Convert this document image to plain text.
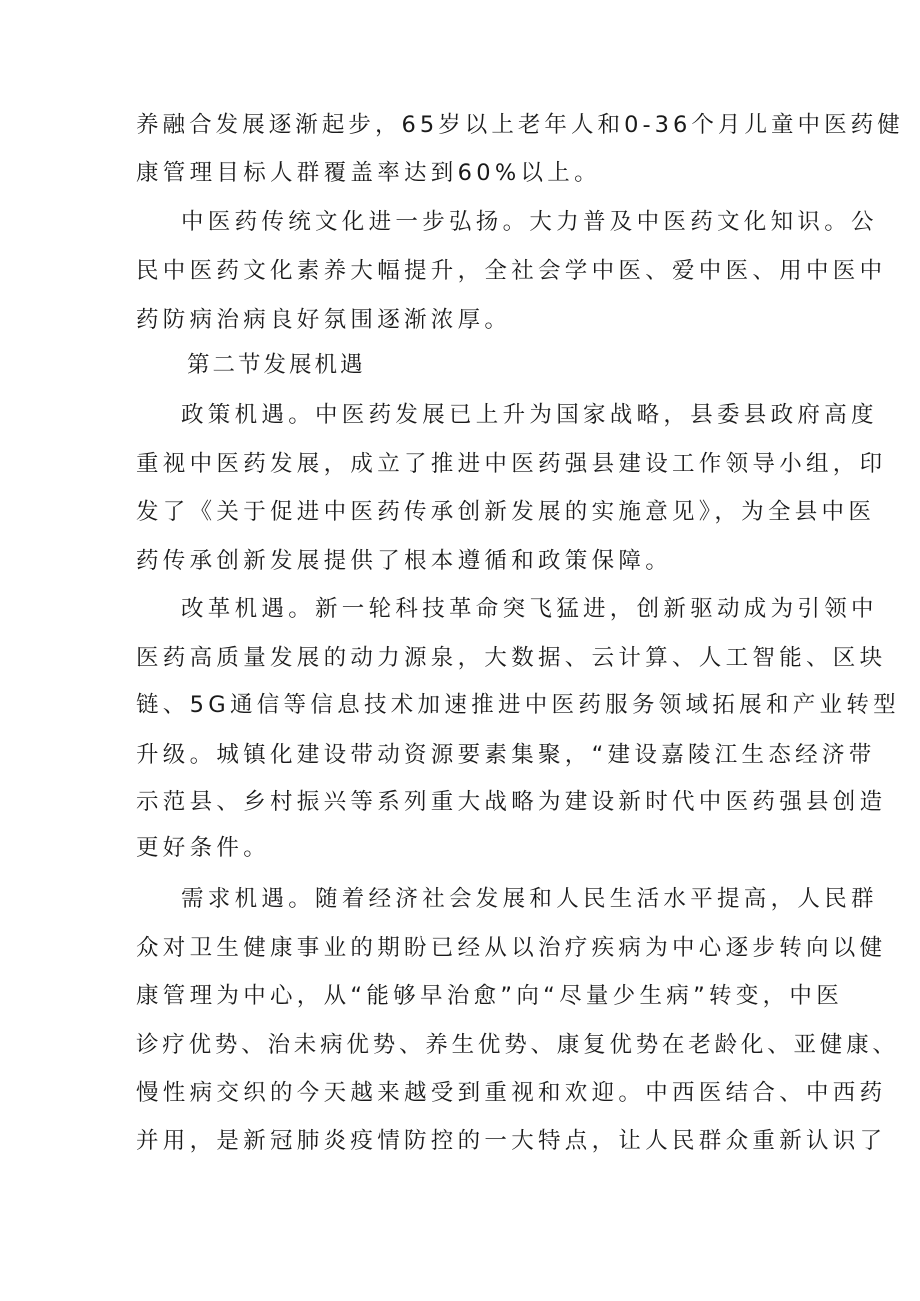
养融合发展逐渐起步，65岁以上老年人和0-36个月儿童中医药健
康管理目标人群覆盖率达到60%以上。
中医药传统文化进一步弘扬。大力普及中医药文化知识。公
民中医药文化素养大幅提升，全社会学中医、爱中医、用中医中
药防病治病良好氛围逐渐浓厚。
第二节发展机遇
政策机遇。中医药发展已上升为国家战略，县委县政府高度
重视中医药发展，成立了推进中医药强县建设工作领导小组，印
发了《关于促进中医药传承创新发展的实施意见》，为全县中医
药传承创新发展提供了根本遵循和政策保障。
改革机遇。新一轮科技革命突飞猛进，创新驱动成为引领中
医药高质量发展的动力源泉，大数据、云计算、人工智能、区块
链、5G通信等信息技术加速推进中医药服务领域拓展和产业转型
升级。城镇化建设带动资源要素集聚，“建设嘉陵江生态经济带
示范县、乡村振兴等系列重大战略为建设新时代中医药强县创造
更好条件。
需求机遇。随着经济社会发展和人民生活水平提高，人民群
众对卫生健康事业的期盼已经从以治疗疾病为中心逐步转向以健
康管理为中心，从“能够早治愈”向“尽量少生病”转变，中医
诊疗优势、治未病优势、养生优势、康复优势在老龄化、亚健康、
慢性病交织的今天越来越受到重视和欢迎。中西医结合、中西药
并用，是新冠肺炎疫情防控的一大特点，让人民群众重新认识了
